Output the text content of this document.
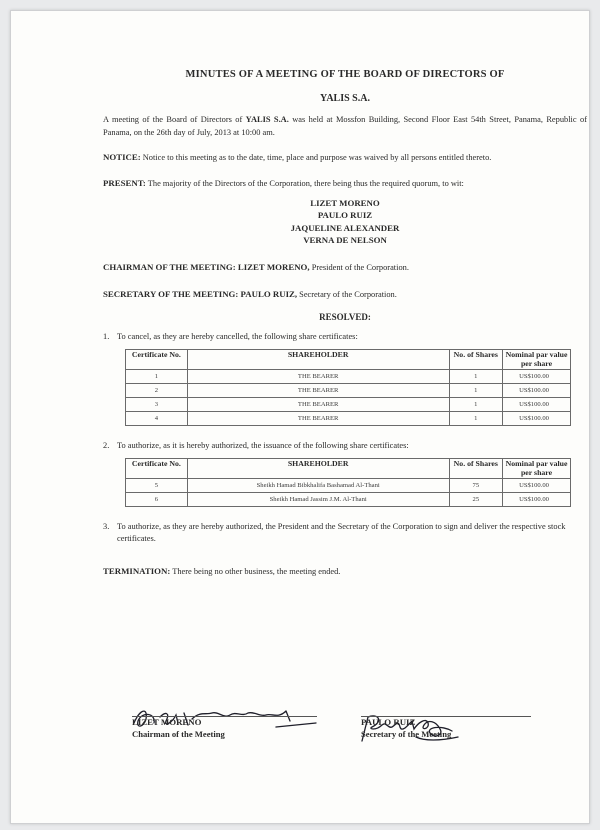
MINUTES OF A MEETING OF THE BOARD OF DIRECTORS OF
YALIS S.A.

A meeting of the Board of Directors of YALIS S.A. was held at Mossfon Building, Second Floor East 54th Street, Panama, Republic of Panama, on the 26th day of July, 2013 at 10:00 am.

NOTICE: Notice to this meeting as to the date, time, place and purpose was waived by all persons entitled thereto.

PRESENT: The majority of the Directors of the Corporation, there being thus the required quorum, to wit:

LIZET MORENO
PAULO RUIZ
JAQUELINE ALEXANDER
VERNA DE NELSON

CHAIRMAN OF THE MEETING: LIZET MORENO, President of the Corporation.

SECRETARY OF THE MEETING: PAULO RUIZ, Secretary of the Corporation.

RESOLVED:
1. To cancel, as they are hereby cancelled, the following share certificates:
Certificate No.	SHAREHOLDER	No. of Shares	Nominal par value per share
1	THE BEARER	1	US$100.00
2	THE BEARER	1	US$100.00
3	THE BEARER	1	US$100.00
4	THE BEARER	1	US$100.00
2. To authorize, as it is hereby authorized, the issuance of the following share certificates:
Certificate No.	SHAREHOLDER	No. of Shares	Nominal par value per share
5	Sheikh Hamad Bibkhalifa Bashamad Al-Thani	75	US$100.00
6	Sheikh Hamad Jassim J.M. Al-Thani	25	US$100.00
3. To authorize, as they are hereby authorized, the President and the Secretary of the Corporation to sign and deliver the respective stock certificates.

TERMINATION: There being no other business, the meeting ended.

LIZET MORENO
Chairman of the Meeting
PAULO RUIZ
Secretary of the Meeting
